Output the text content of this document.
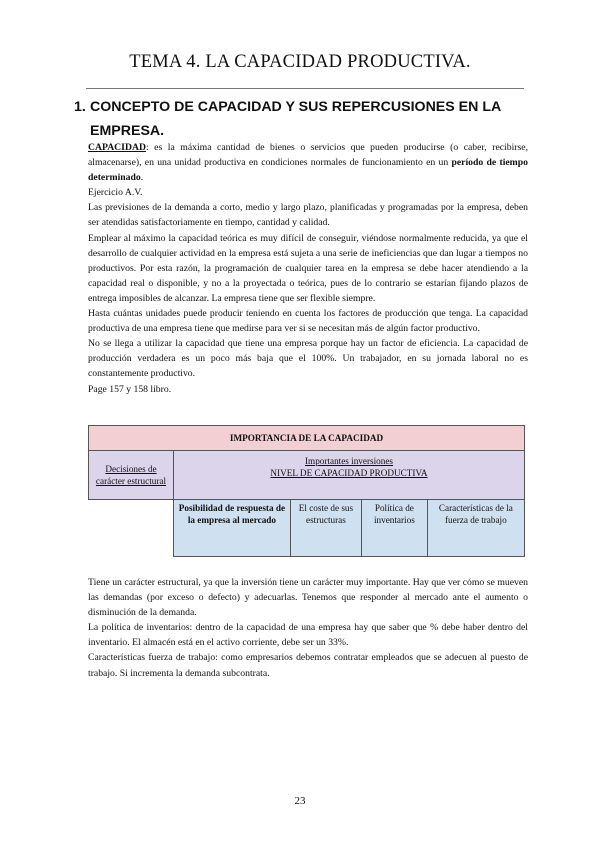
TEMA 4. LA CAPACIDAD PRODUCTIVA.
1. CONCEPTO DE CAPACIDAD Y SUS REPERCUSIONES EN LA
EMPRESA.

CAPACIDAD: es la máxima cantidad de bienes o servicios que pueden producirse (o caber, recibirse, almacenarse), en una unidad productiva en condiciones normales de funcionamiento en un período de tiempo determinado.

Ejercicio A.V.

Las previsiones de la demanda a corto, medio y largo plazo, planificadas y programadas por la empresa, deben ser atendidas satisfactoriamente en tiempo, cantidad y calidad.

Emplear al máximo la capacidad teórica es muy difícil de conseguir, viéndose normalmente reducida, ya que el desarrollo de cualquier actividad en la empresa está sujeta a una serie de ineficiencias que dan lugar a tiempos no productivos. Por esta razón, la programación de cualquier tarea en la empresa se debe hacer atendiendo a la capacidad real o disponible, y no a la proyectada o teórica, pues de lo contrario se estarían fijando plazos de entrega imposibles de alcanzar. La empresa tiene que ser flexible siempre.

Hasta cuántas unidades puede producir teniendo en cuenta los factores de producción que tenga. La capacidad productiva de una empresa tiene que medirse para ver si se necesitan más de algún factor productivo.

No se llega a utilizar la capacidad que tiene una empresa porque hay un factor de eficiencia. La capacidad de producción verdadera es un poco más baja que el 100%. Un trabajador, en su jornada laboral no es constantemente productivo.

Page 157 y 158 libro.

IMPORTANCIA DE LA CAPACIDAD				
Decisiones de carácter estructural	Importantes inversiones
NIVEL DE CAPACIDAD PRODUCTIVA			

	Posibilidad de respuesta de la empresa al mercado	El coste de sus estructuras	Política de inventarios	Características de la fuerza de trabajo

Tiene un carácter estructural, ya que la inversión tiene un carácter muy importante. Hay que ver cómo se mueven las demandas (por exceso o defecto) y adecuarlas. Tenemos que responder al mercado ante el aumento o disminución de la demanda.

La política de inventarios: dentro de la capacidad de una empresa hay que saber que % debe haber dentro del inventario. El almacén está en el activo corriente, debe ser un 33%.

Características fuerza de trabajo: como empresarios debemos contratar empleados que se adecuen al puesto de trabajo. Si incrementa la demanda subcontrata.

23
